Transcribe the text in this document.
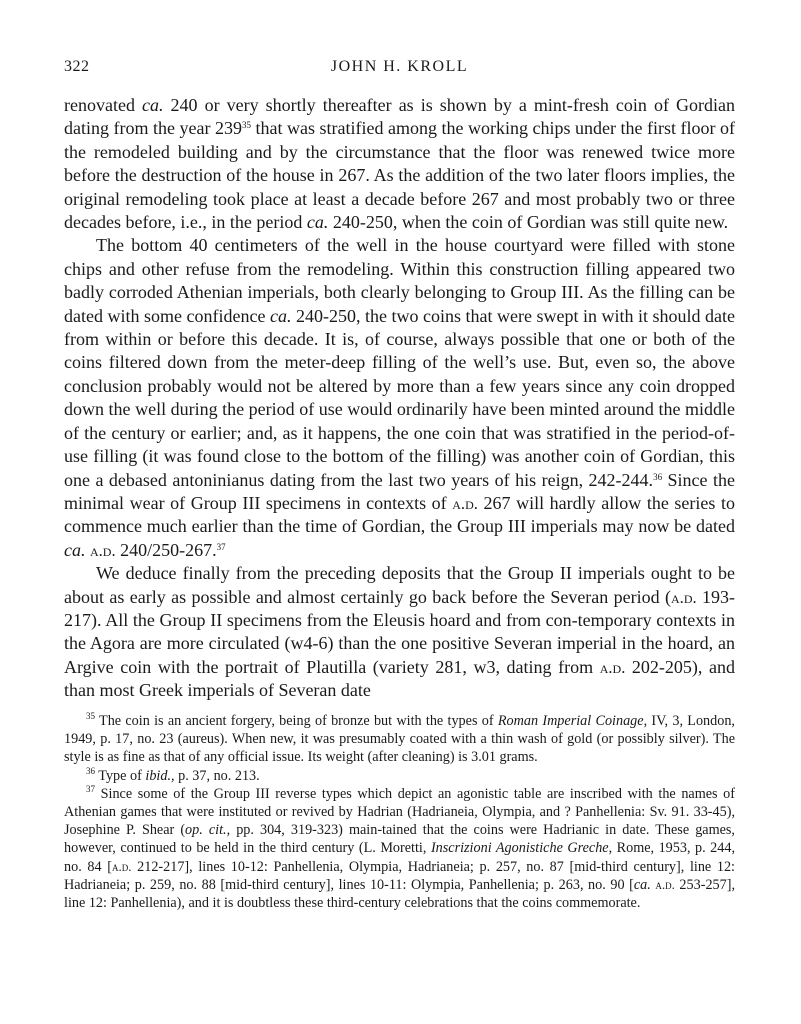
322	JOHN H. KROLL

renovated ca. 240 or very shortly thereafter as is shown by a mint-fresh coin of Gordian dating from the year $239^{35}$ that was stratified among the working chips under the first floor of the remodeled building and by the circumstance that the floor was renewed twice more before the destruction of the house in 267. As the addition of the two later floors implies, the original remodeling took place at least a decade before 267 and most probably two or three decades before, i.e., in the period ca. 240-250, when the coin of Gordian was still quite new.

The bottom 40 centimeters of the well in the house courtyard were filled with stone chips and other refuse from the remodeling. Within this construction filling appeared two badly corroded Athenian imperials, both clearly belonging to Group III. As the filling can be dated with some confidence ca. 240-250, the two coins that were swept in with it should date from within or before this decade. It is, of course, always possible that one or both of the coins filtered down from the meter-deep filling of the well’s use. But, even so, the above conclusion probably would not be altered by more than a few years since any coin dropped down the well during the period of use would ordinarily have been minted around the middle of the century or earlier; and, as it happens, the one coin that was stratified in the period-of-use filling (it was found close to the bottom of the filling) was another coin of Gordian, this one a debased antoninianus dating from the last two years of his reign, 242-244.36 Since the minimal wear of Group III specimens in contexts of a.d. 267 will hardly allow the series to commence much earlier than the time of Gordian, the Group III imperials may now be dated ca. a.d. 240/250-267.37

We deduce finally from the preceding deposits that the Group II imperials ought to be about as early as possible and almost certainly go back before the Severan period (a.d. 193-217). All the Group II specimens from the Eleusis hoard and from con-temporary contexts in the Agora are more circulated (w4-6) than the one positive Severan imperial in the hoard, an Argive coin with the portrait of Plautilla (variety 281, w3, dating from a.d. 202-205), and than most Greek imperials of Severan date

$^{35}$ The coin is an ancient forgery, being of bronze but with the types of Roman Imperial Coinage, IV, 3, London, 1949, p. 17, no. 23 (aureus). When new, it was presumably coated with a thin wash of gold (or possibly silver). The style is as fine as that of any official issue. Its weight (after cleaning) is 3.01 grams.

$^{36}$ Type of ibid., p. 37, no. 213.

$^{37}$ Since some of the Group III reverse types which depict an agonistic table are inscribed with the names of Athenian games that were instituted or revived by Hadrian (Hadrianeia, Olympia, and ? Panhellenia: Sv. 91. 33-45), Josephine P. Shear (op. cit., pp. 304, 319-323) main-tained that the coins were Hadrianic in date. These games, however, continued to be held in the third century (L. Moretti, Inscrizioni Agonistiche Greche, Rome, 1953, p. 244, no. 84 [a.d. 212-217], lines 10-12: Panhellenia, Olympia, Hadrianeia; p. 257, no. 87 [mid-third century], line 12: Hadrianeia; p. 259, no. 88 [mid-third century], lines 10-11: Olympia, Panhellenia; p. 263, no. 90 [ca. a.d. 253-257], line 12: Panhellenia), and it is doubtless these third-century celebrations that the coins commemorate.
